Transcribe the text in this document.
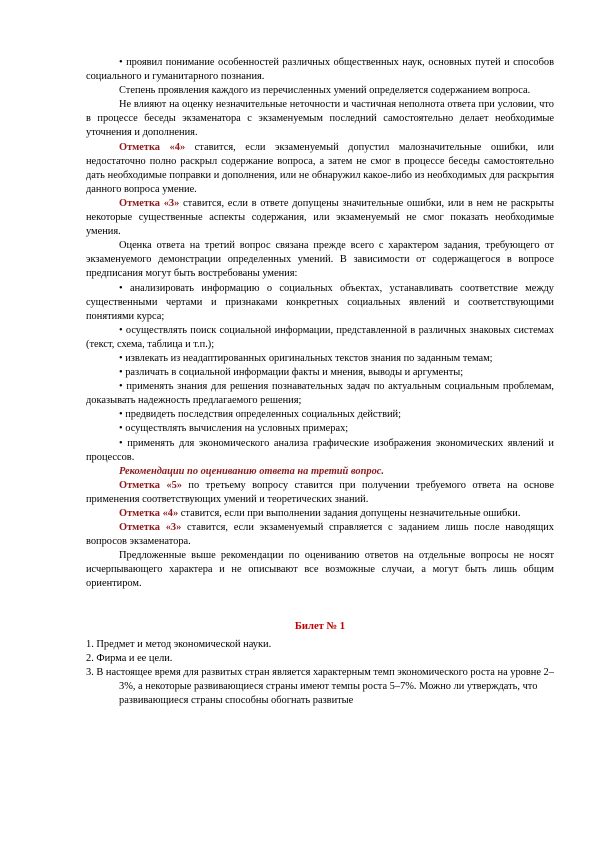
• проявил понимание особенностей различных общественных наук, основных путей и способов социального и гуманитарного познания.

Степень проявления каждого из перечисленных умений определяется содержанием вопроса.

Не влияют на оценку незначительные неточности и частичная неполнота ответа при условии, что в процессе беседы экзаменатора с экзаменуемым последний самостоятельно делает необходимые уточнения и дополнения.

Отметка «4» ставится, если экзаменуемый допустил малозначительные ошибки, или недостаточно полно раскрыл содержание вопроса, а затем не смог в процессе беседы самостоятельно дать необходимые поправки и дополнения, или не обнаружил какое-либо из необходимых для раскрытия данного вопроса умение.

Отметка «3» ставится, если в ответе допущены значительные ошибки, или в нем не раскрыты некоторые существенные аспекты содержания, или экзаменуемый не смог показать необходимые умения.

Оценка ответа на третий вопрос связана прежде всего с характером задания, требующего от экзаменуемого демонстрации определенных умений. В зависимости от содержащегося в вопросе предписания могут быть востребованы умения:

• анализировать информацию о социальных объектах, устанавливать соответствие между существенными чертами и признаками конкретных социальных явлений и соответствующими понятиями курса;

• осуществлять поиск социальной информации, представленной в различных знаковых системах (текст, схема, таблица и т.п.);

• извлекать из неадаптированных оригинальных текстов знания по заданным темам;

• различать в социальной информации факты и мнения, выводы и аргументы;

• применять знания для решения познавательных задач по актуальным социальным проблемам, доказывать надежность предлагаемого решения;

• предвидеть последствия определенных социальных действий;

• осуществлять вычисления на условных примерах;

• применять для экономического анализа графические изображения экономических явлений и процессов.

Рекомендации по оцениванию ответа на третий вопрос.

Отметка «5» по третьему вопросу ставится при получении требуемого ответа на основе применения соответствующих умений и теоретических знаний.

Отметка «4» ставится, если при выполнении задания допущены незначительные ошибки.

Отметка «3» ставится, если экзаменуемый справляется с заданием лишь после наводящих вопросов экзаменатора.

Предложенные выше рекомендации по оцениванию ответов на отдельные вопросы не носят исчерпывающего характера и не описывают все возможные случаи, а могут быть лишь общим ориентиром.

Билет № 1
1. Предмет и метод экономической науки.
2. Фирма и ее цели.
3. В настоящее время для развитых стран является характерным темп экономического роста на уровне 2–3%, а некоторые развивающиеся страны имеют темпы роста 5–7%. Можно ли утверждать, что развивающиеся страны способны обогнать развитые
